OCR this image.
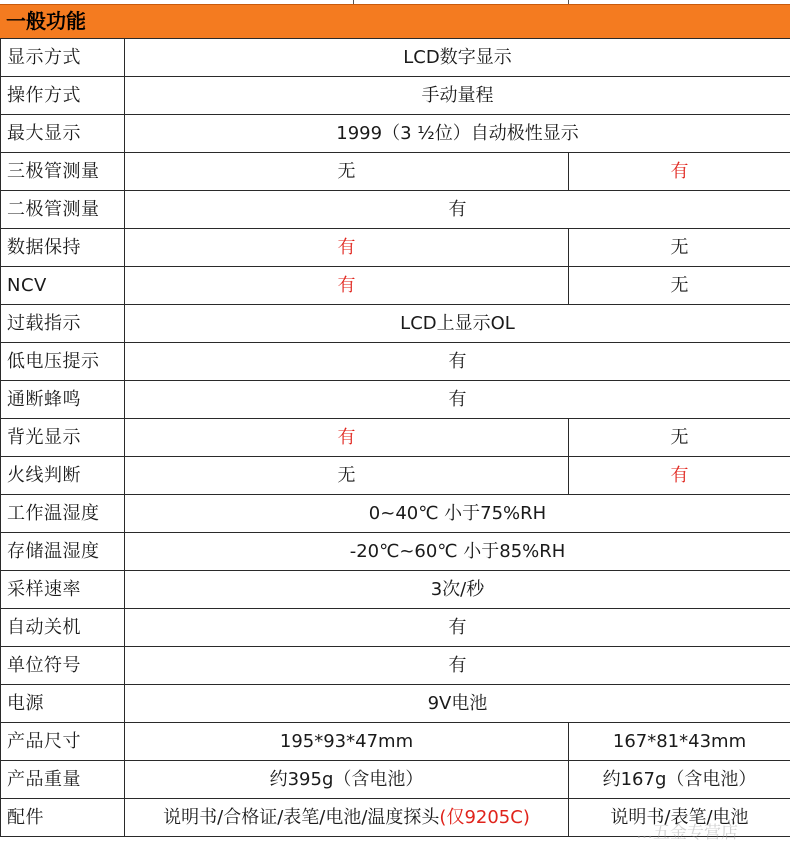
一般功能
显示方式	LCD数字显示	
操作方式	手动量程	
最大显示	1999（3 ½位）自动极性显示	
三极管测量	无	有
二极管测量	有	
数据保持	有	无
NCV	有	无
过载指示	LCD上显示OL	
低电压提示	有	
通断蜂鸣	有	
背光显示	有	无
火线判断	无	有
工作温湿度	0~40℃ 小于75%RH	
存储温湿度	-20℃~60℃ 小于85%RH	
采样速率	3次/秒	
自动关机	有	
单位符号	有	
电源	9V电池	
产品尺寸	195*93*47mm	167*81*43mm
产品重量	约395g（含电池）	约167g（含电池）
配件	说明书/合格证/表笔/电池/温度探头(仅9205C)	说明书/表笔/电池
…五金专营店
